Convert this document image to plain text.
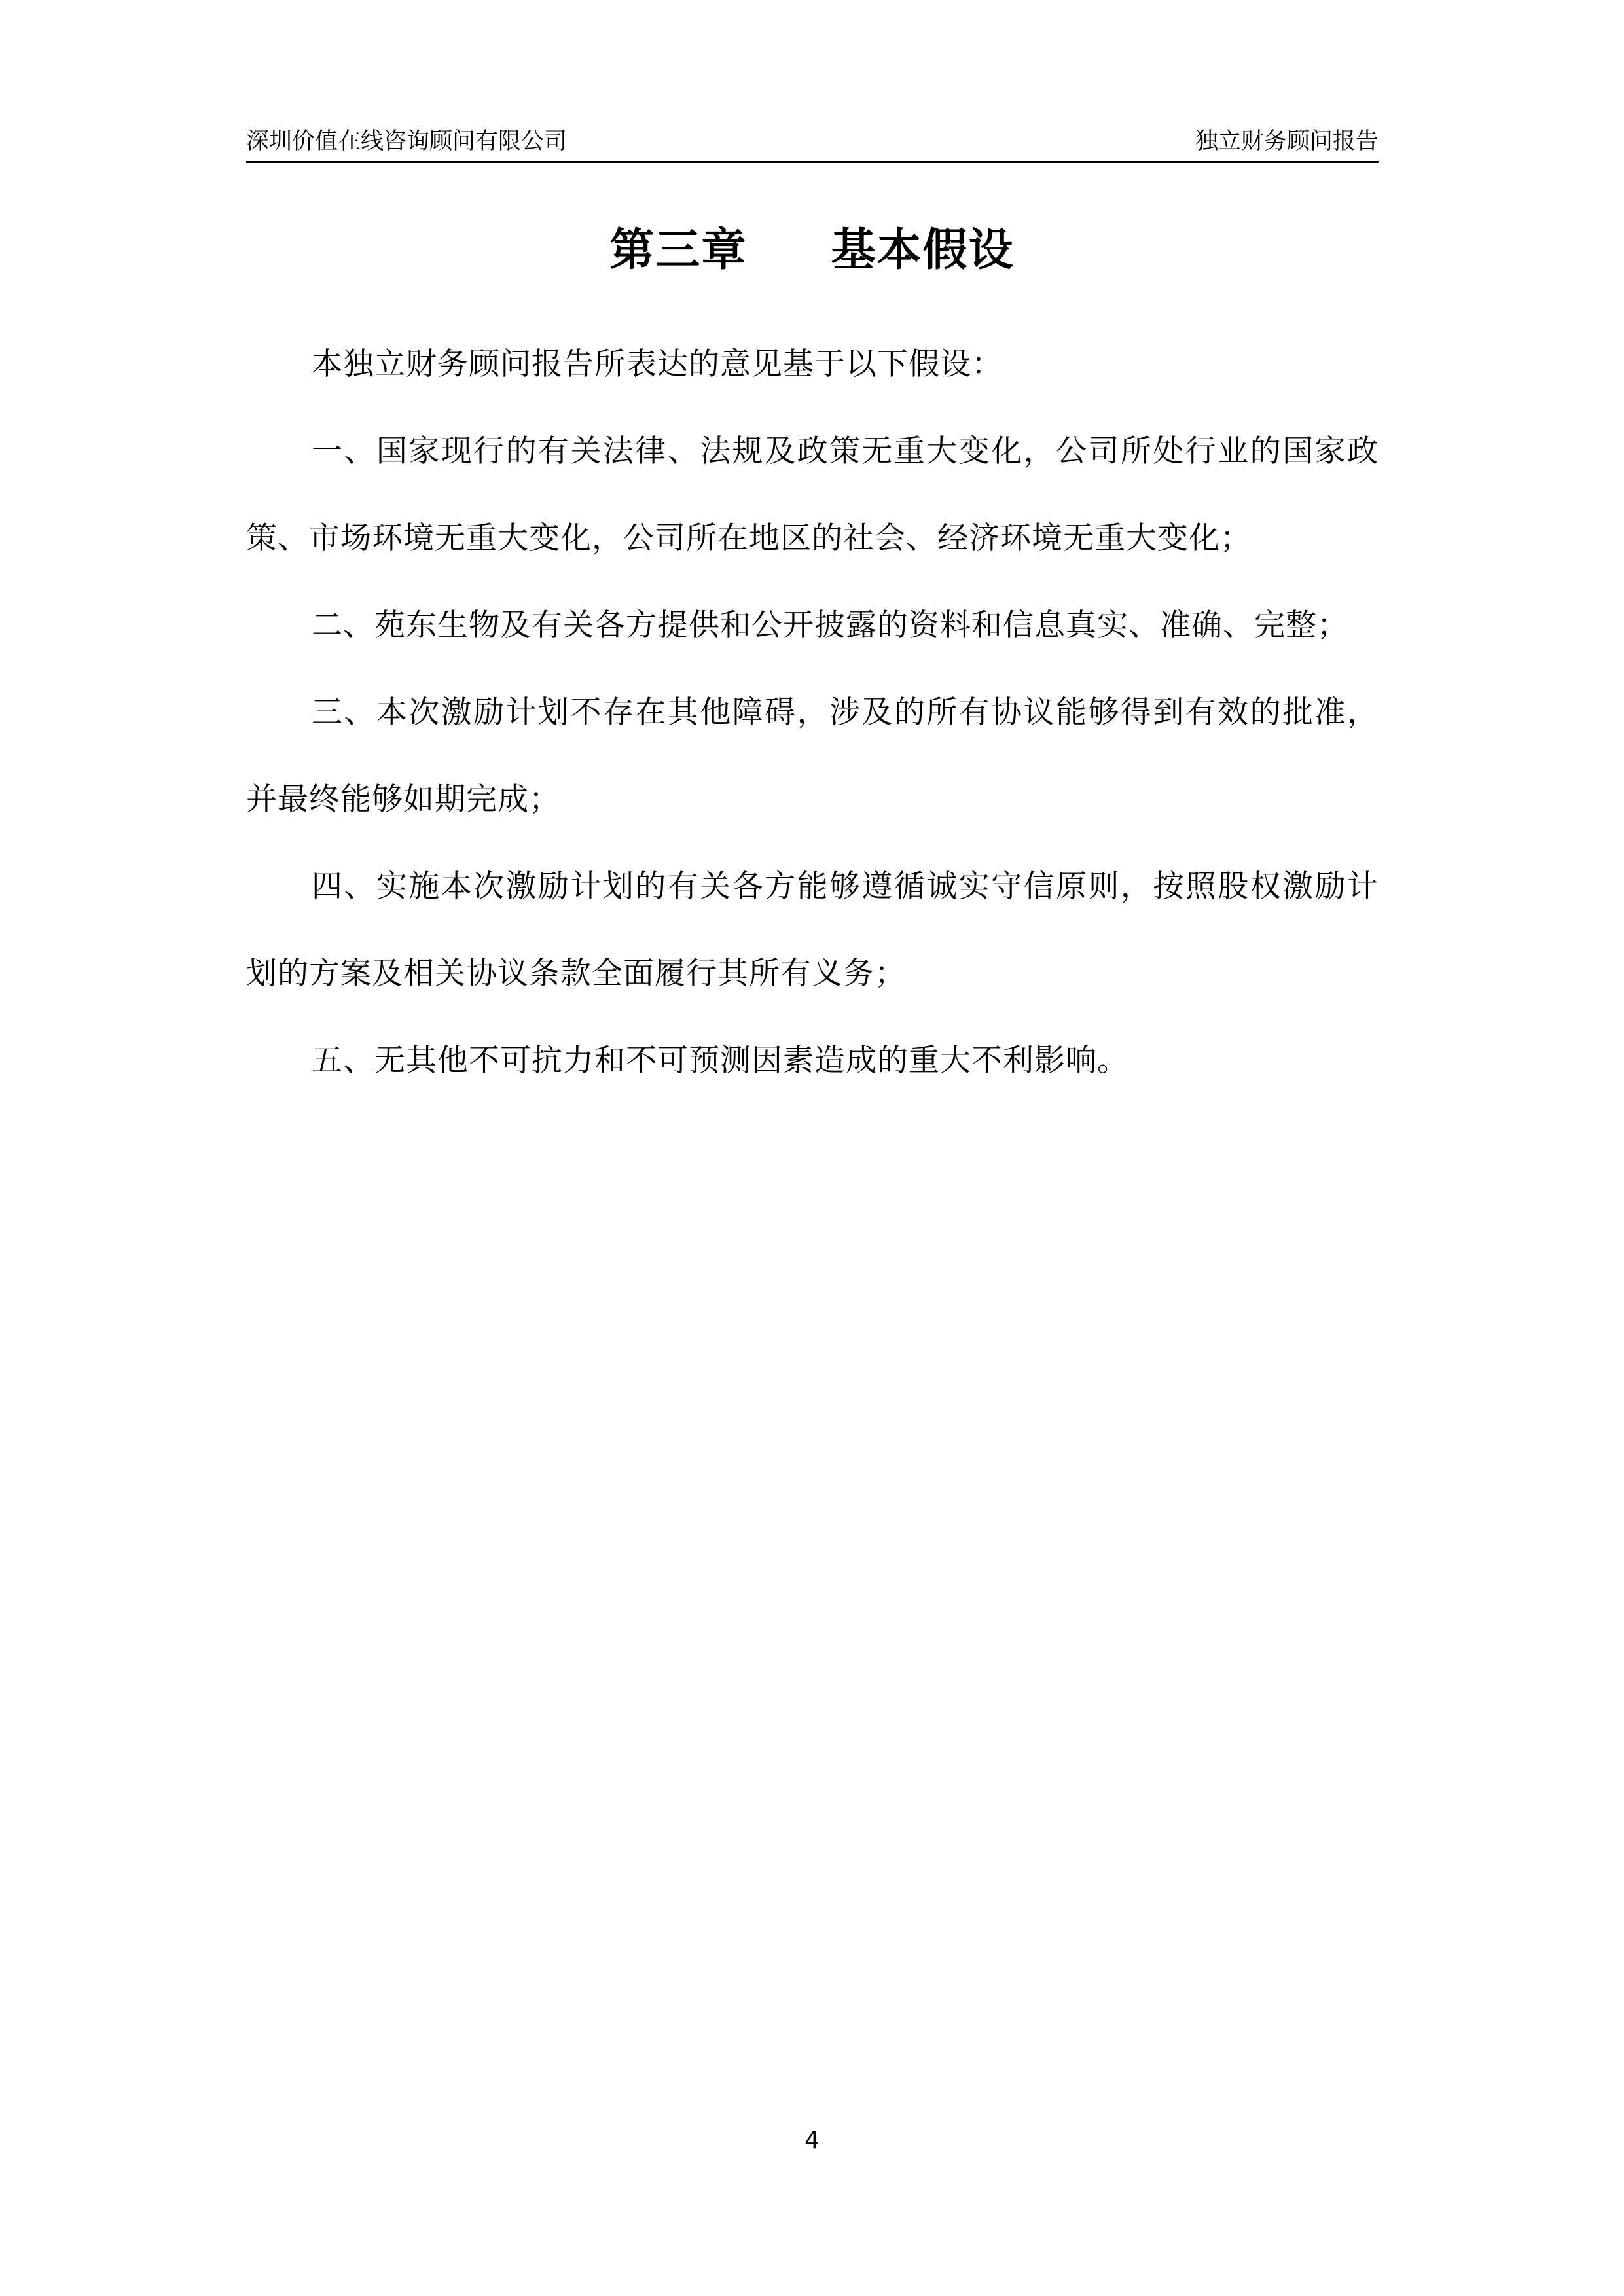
深圳价值在线咨询顾问有限公司	独立财务顾问报告
第三章     基本假设

本独立财务顾问报告所表达的意见基于以下假设：

一、国家现行的有关法律、法规及政策无重大变化，公司所处行业的国家政策、市场环境无重大变化，公司所在地区的社会、经济环境无重大变化；

二、苑东生物及有关各方提供和公开披露的资料和信息真实、准确、完整；

三、本次激励计划不存在其他障碍，涉及的所有协议能够得到有效的批准，并最终能够如期完成；

四、实施本次激励计划的有关各方能够遵循诚实守信原则，按照股权激励计划的方案及相关协议条款全面履行其所有义务；

五、无其他不可抗力和不可预测因素造成的重大不利影响。

4
